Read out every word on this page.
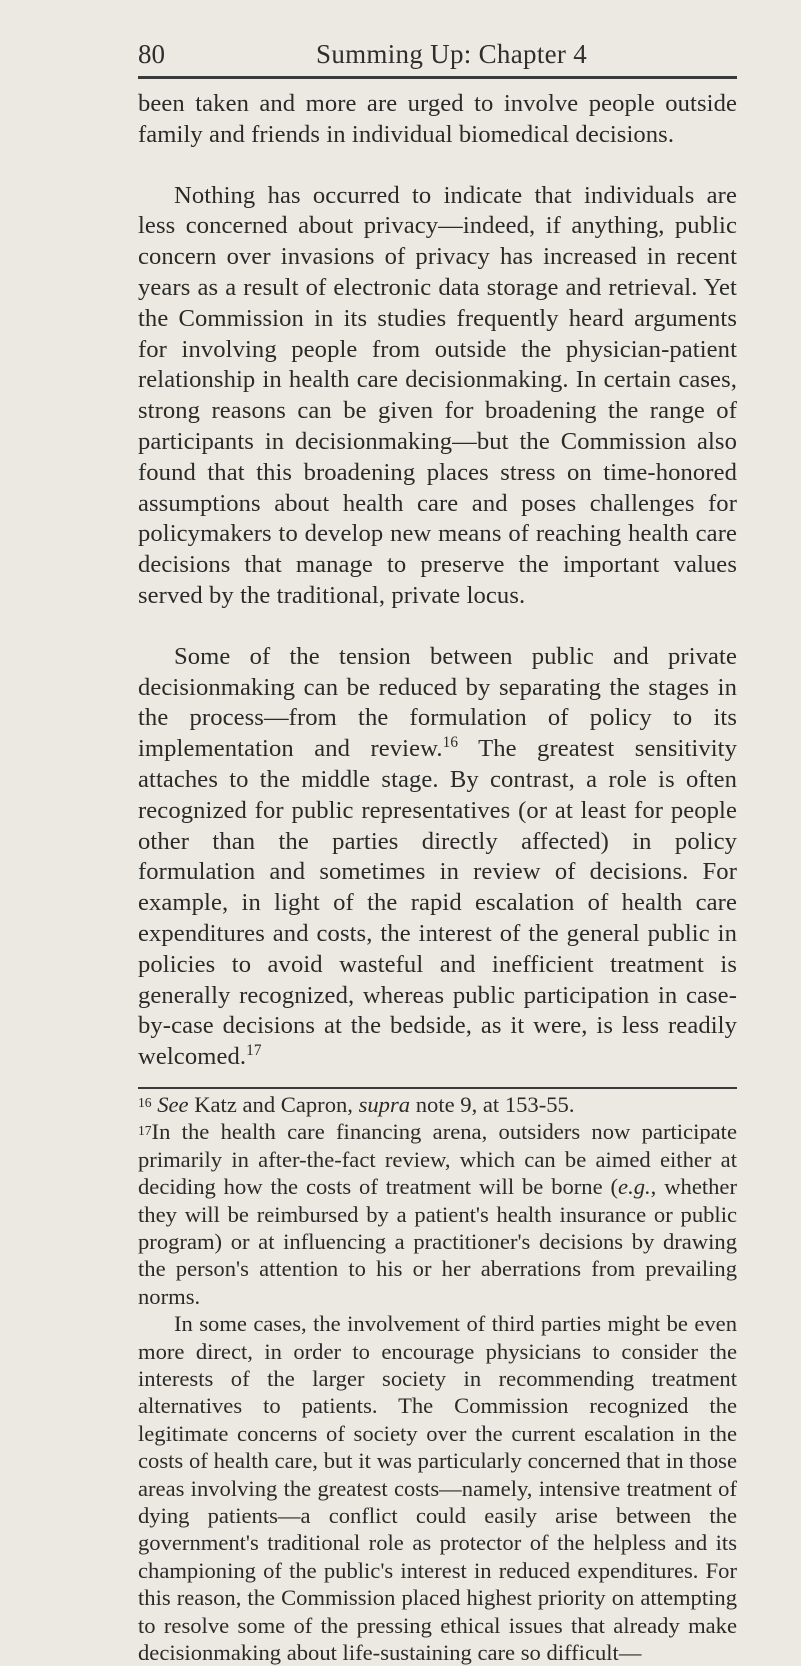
80	Summing Up: Chapter 4

been taken and more are urged to involve people outside family and friends in individual biomedical decisions.

Nothing has occurred to indicate that individuals are less concerned about privacy—indeed, if anything, public concern over invasions of privacy has increased in recent years as a result of electronic data storage and retrieval. Yet the Commission in its studies frequently heard arguments for involving people from outside the physician-patient relationship in health care decisionmaking. In certain cases, strong reasons can be given for broadening the range of participants in decisionmaking—but the Commission also found that this broadening places stress on time-honored assumptions about health care and poses challenges for policymakers to develop new means of reaching health care decisions that manage to preserve the important values served by the traditional, private locus.

Some of the tension between public and private decisionmaking can be reduced by separating the stages in the process—from the formulation of policy to its implementation and review.$^{16}$ The greatest sensitivity attaches to the middle stage. By contrast, a role is often recognized for public representatives (or at least for people other than the parties directly affected) in policy formulation and sometimes in review of decisions. For example, in light of the rapid escalation of health care expenditures and costs, the interest of the general public in policies to avoid wasteful and inefficient treatment is generally recognized, whereas public participation in case-by-case decisions at the bedside, as it were, is less readily welcomed.$^{17}$

$^{16}$ See Katz and Capron, supra note 9, at 153-55.

$^{17}$In the health care financing arena, outsiders now participate primarily in after-the-fact review, which can be aimed either at deciding how the costs of treatment will be borne (e.g., whether they will be reimbursed by a patient's health insurance or public program) or at influencing a practitioner's decisions by drawing the person's attention to his or her aberrations from prevailing norms.

In some cases, the involvement of third parties might be even more direct, in order to encourage physicians to consider the interests of the larger society in recommending treatment alternatives to patients. The Commission recognized the legitimate concerns of society over the current escalation in the costs of health care, but it was particularly concerned that in those areas involving the greatest costs—namely, intensive treatment of dying patients—a conflict could easily arise between the government's traditional role as protector of the helpless and its championing of the public's interest in reduced expenditures. For this reason, the Commission placed highest priority on attempting to resolve some of the pressing ethical issues that already make decisionmaking about life-sustaining care so difficult—
